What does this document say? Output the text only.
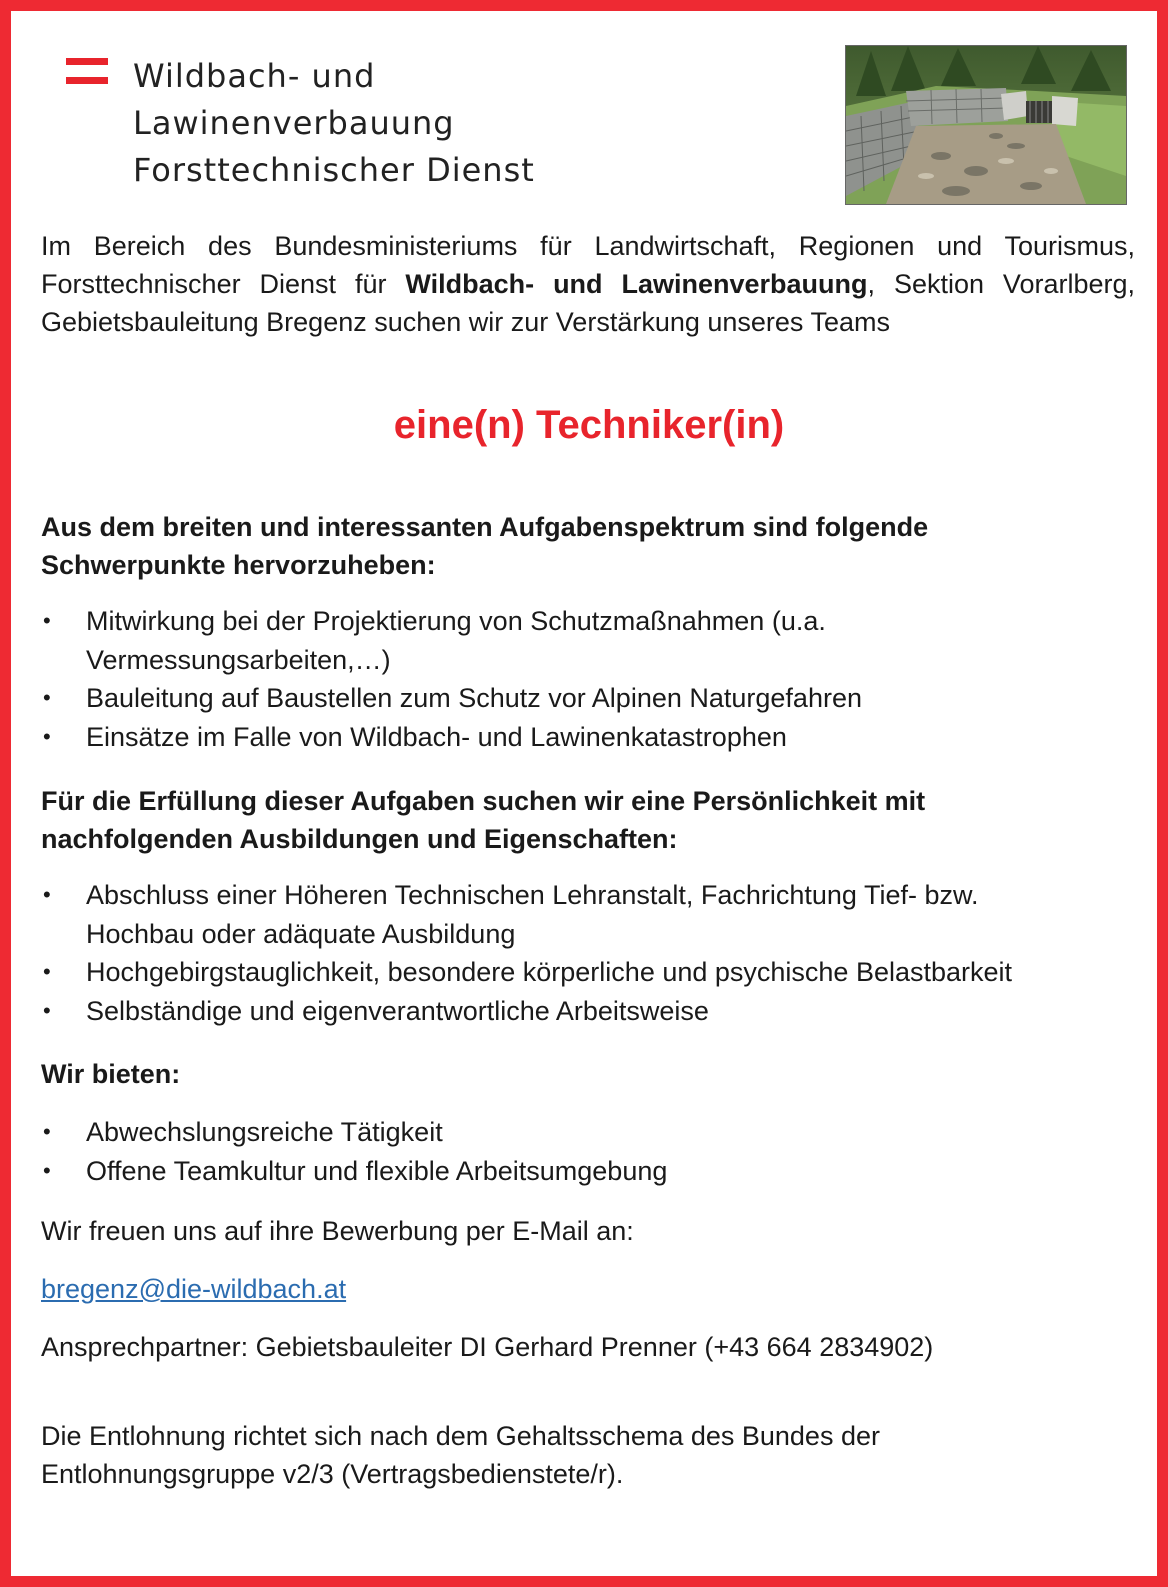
Wildbach- und
Lawinenverbauung
Forsttechnischer Dienst
Im Bereich des Bundesministeriums für Landwirtschaft, Regionen und Tourismus, Forsttechnischer Dienst für Wildbach- und Lawinenverbauung, Sektion Vorarlberg, Gebietsbauleitung Bregenz suchen wir zur Verstärkung unseres Teams
eine(n) Techniker(in)
Aus dem breiten und interessanten Aufgabenspektrum sind folgende
Schwerpunkte hervorzuheben:
• Mitwirkung bei der Projektierung von Schutzmaßnahmen (u.a.
Vermessungsarbeiten,…)
• Bauleitung auf Baustellen zum Schutz vor Alpinen Naturgefahren
• Einsätze im Falle von Wildbach- und Lawinenkatastrophen
Für die Erfüllung dieser Aufgaben suchen wir eine Persönlichkeit mit
nachfolgenden Ausbildungen und Eigenschaften:
• Abschluss einer Höheren Technischen Lehranstalt, Fachrichtung Tief- bzw.
Hochbau oder adäquate Ausbildung
• Hochgebirgstauglichkeit, besondere körperliche und psychische Belastbarkeit
• Selbständige und eigenverantwortliche Arbeitsweise
Wir bieten:
• Abwechslungsreiche Tätigkeit
• Offene Teamkultur und flexible Arbeitsumgebung
Wir freuen uns auf ihre Bewerbung per E-Mail an:
bregenz@die-wildbach.at
Ansprechpartner: Gebietsbauleiter DI Gerhard Prenner (+43 664 2834902)
Die Entlohnung richtet sich nach dem Gehaltsschema des Bundes der
Entlohnungsgruppe v2/3 (Vertragsbedienstete/r).
